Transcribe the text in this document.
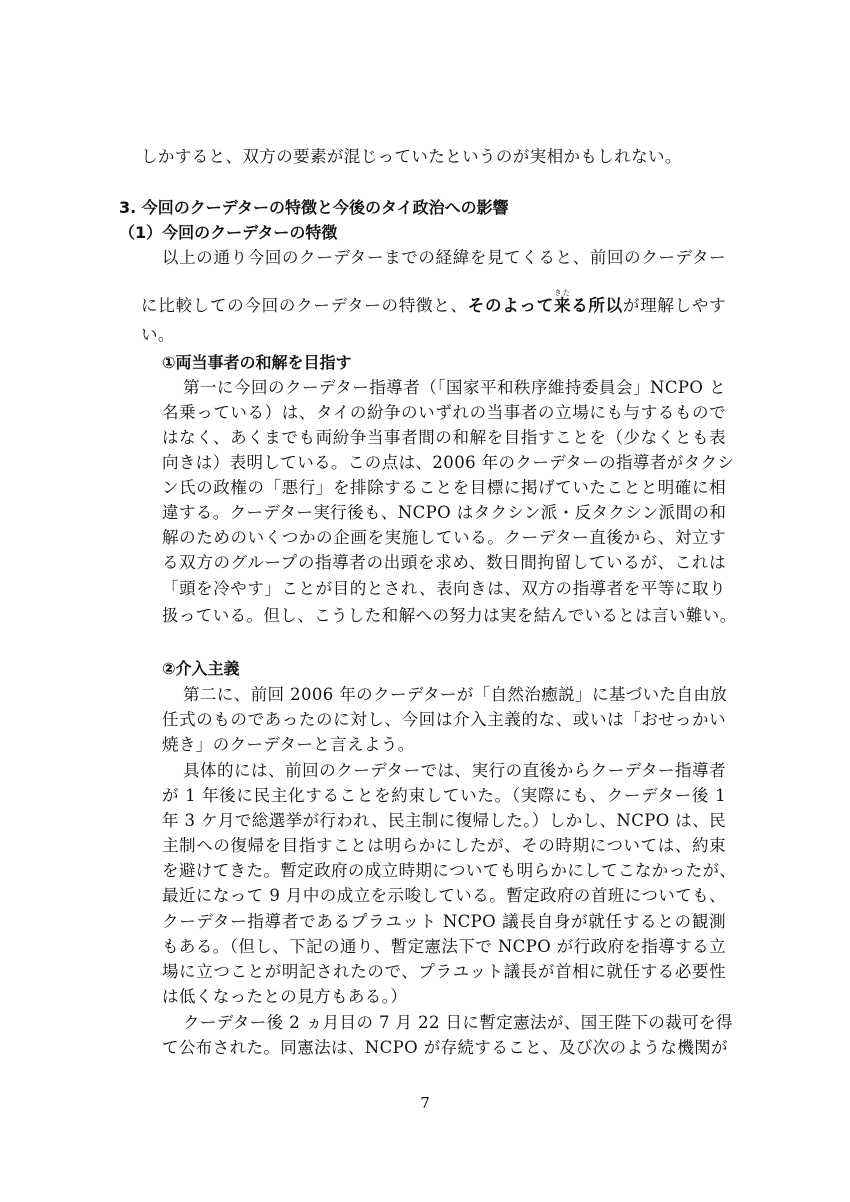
しかすると、双方の要素が混じっていたというのが実相かもしれない。
3. 今回のクーデターの特徴と今後のタイ政治への影響
（1）今回のクーデターの特徴
以上の通り今回のクーデターまでの経緯を見てくると、前回のクーデター
に比較しての今回のクーデターの特徴と、そのよって来きたる所以が理解しやす
い。
①両当事者の和解を目指す
第一に今回のクーデター指導者（「国家平和秩序維持委員会」NCPO と
名乗っている）は、タイの紛争のいずれの当事者の立場にも与するもので
はなく、あくまでも両紛争当事者間の和解を目指すことを（少なくとも表
向きは）表明している。この点は、2006 年のクーデターの指導者がタクシ
ン氏の政権の「悪行」を排除することを目標に掲げていたことと明確に相
違する。クーデター実行後も、NCPO はタクシン派・反タクシン派間の和
解のためのいくつかの企画を実施している。クーデター直後から、対立す
る双方のグループの指導者の出頭を求め、数日間拘留しているが、これは
「頭を冷やす」ことが目的とされ、表向きは、双方の指導者を平等に取り
扱っている。但し、こうした和解への努力は実を結んでいるとは言い難い。
②介入主義
第二に、前回 2006 年のクーデターが「自然治癒説」に基づいた自由放
任式のものであったのに対し、今回は介入主義的な、或いは「おせっかい
焼き」のクーデターと言えよう。
具体的には、前回のクーデターでは、実行の直後からクーデター指導者
が 1 年後に民主化することを約束していた。（実際にも、クーデター後 1
年 3 ケ月で総選挙が行われ、民主制に復帰した。）しかし、NCPO は、民
主制への復帰を目指すことは明らかにしたが、その時期については、約束
を避けてきた。暫定政府の成立時期についても明らかにしてこなかったが、
最近になって 9 月中の成立を示唆している。暫定政府の首班についても、
クーデター指導者であるプラユット NCPO 議長自身が就任するとの観測
もある。（但し、下記の通り、暫定憲法下で NCPO が行政府を指導する立
場に立つことが明記されたので、プラユット議長が首相に就任する必要性
は低くなったとの見方もある。）
クーデター後 2 ヵ月目の 7 月 22 日に暫定憲法が、国王陛下の裁可を得
て公布された。同憲法は、NCPO が存続すること、及び次のような機関が
7
